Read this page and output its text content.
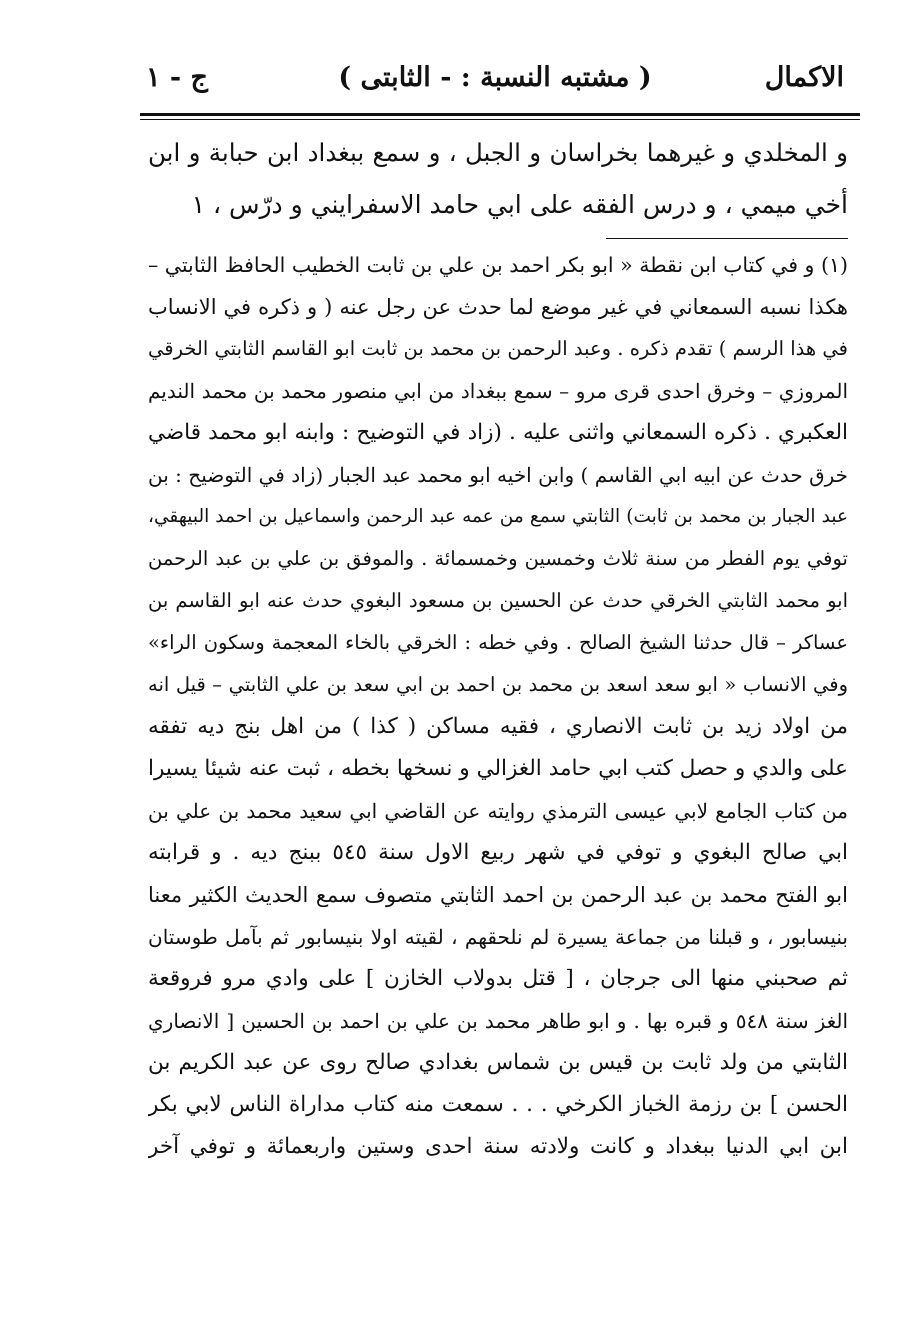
الاكمال
( مشتبه النسبة : - الثابتى )
ج - ١
و المخلدي و غيرهما بخراسان و الجبل ، و سمع ببغداد ابن حبابة و ابن
أخي ميمي ، و درس الفقه على ابي حامد الاسفرايني و درّس ، ١
(١) و في كتاب ابن نقطة « ابو بكر احمد بن علي بن ثابت الخطيب الحافظ الثابتي –
هكذا نسبه السمعاني في غير موضع لما حدث عن رجل عنه ( و ذكره في الانساب
في هذا الرسم ) تقدم ذكره . وعبد الرحمن بن محمد بن ثابت ابو القاسم الثابتي الخرقي
المروزي – وخرق احدى قرى مرو – سمع ببغداد من ابي منصور محمد بن محمد النديم
العكبري . ذكره السمعاني واثنى عليه . (زاد في التوضيح : وابنه ابو محمد قاضي
خرق حدث عن ابيه ابي القاسم ) وابن اخيه ابو محمد عبد الجبار (زاد في التوضيح : بن
عبد الجبار بن محمد بن ثابت) الثابتي سمع من عمه عبد الرحمن واسماعيل بن احمد البيهقي،
توفي يوم الفطر من سنة ثلاث وخمسين وخمسمائة . والموفق بن علي بن عبد الرحمن
ابو محمد الثابتي الخرقي حدث عن الحسين بن مسعود البغوي حدث عنه ابو القاسم بن
عساكر – قال حدثنا الشيخ الصالح . وفي خطه : الخرقي بالخاء المعجمة وسكون الراء»
وفي الانساب « ابو سعد اسعد بن محمد بن احمد بن ابي سعد بن علي الثابتي – قيل انه
من اولاد زيد بن ثابت الانصاري ، فقيه مساكن ( كذا ) من اهل بنج ديه تفقه
على والدي و حصل كتب ابي حامد الغزالي و نسخها بخطه ، ثبت عنه شيئا يسيرا
من كتاب الجامع لابي عيسى الترمذي روايته عن القاضي ابي سعيد محمد بن علي بن
ابي صالح البغوي و توفي في شهر ربيع الاول سنة ٥٤٥ ببنج ديه . و قرابته
ابو الفتح محمد بن عبد الرحمن بن احمد الثابتي متصوف سمع الحديث الكثير معنا
بنيسابور ، و قبلنا من جماعة يسيرة لم نلحقهم ، لقيته اولا بنيسابور ثم بآمل طوستان
ثم صحبني منها الى جرجان ، [ قتل بدولاب الخازن ] على وادي مرو فروقعة
الغز سنة ٥٤٨ و قبره بها . و ابو طاهر محمد بن علي بن احمد بن الحسين [ الانصاري
الثابتي من ولد ثابت بن قيس بن شماس بغدادي صالح روى عن عبد الكريم بن
الحسن ] بن رزمة الخباز الكرخي . . . سمعت منه كتاب مداراة الناس لابي بكر
ابن ابي الدنيا ببغداد و كانت ولادته سنة احدى وستين واربعمائة و توفي آخر
